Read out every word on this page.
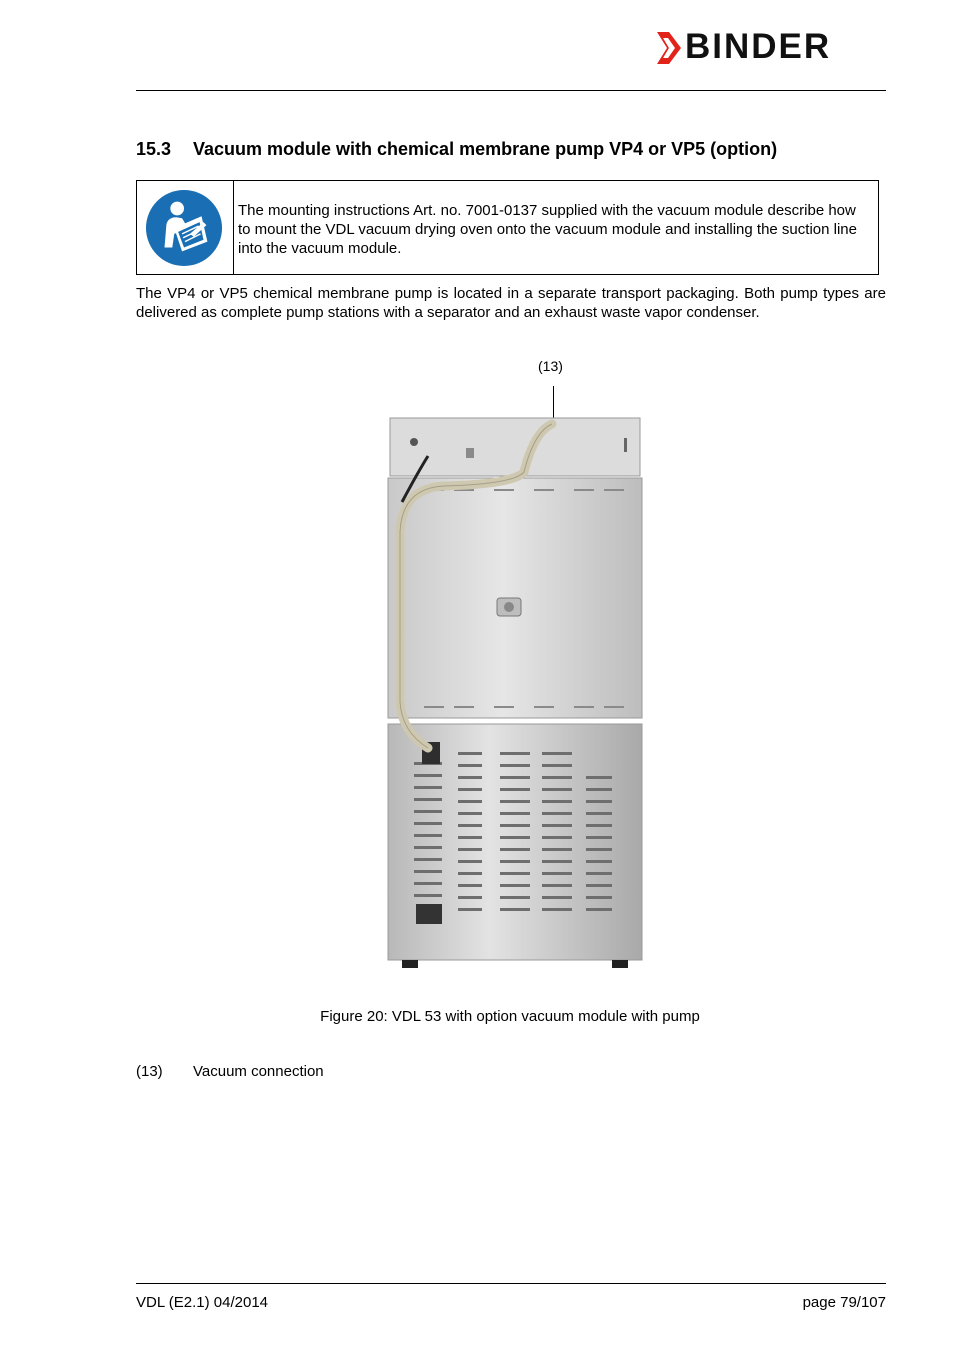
BINDER
15.3 Vacuum module with chemical membrane pump VP4 or VP5 (option)
The mounting instructions Art. no. 7001-0137 supplied with the vacuum module describe how to mount the VDL vacuum drying oven onto the vacuum module and installing the suction line into the vacuum module.
The VP4 or VP5 chemical membrane pump is located in a separate transport packaging. Both pump types are delivered as complete pump stations with a separator and an exhaust waste vapor condenser.
(13)
Figure 20: VDL 53 with option vacuum module with pump
(13) Vacuum connection
VDL (E2.1) 04/2014	page 79/107
